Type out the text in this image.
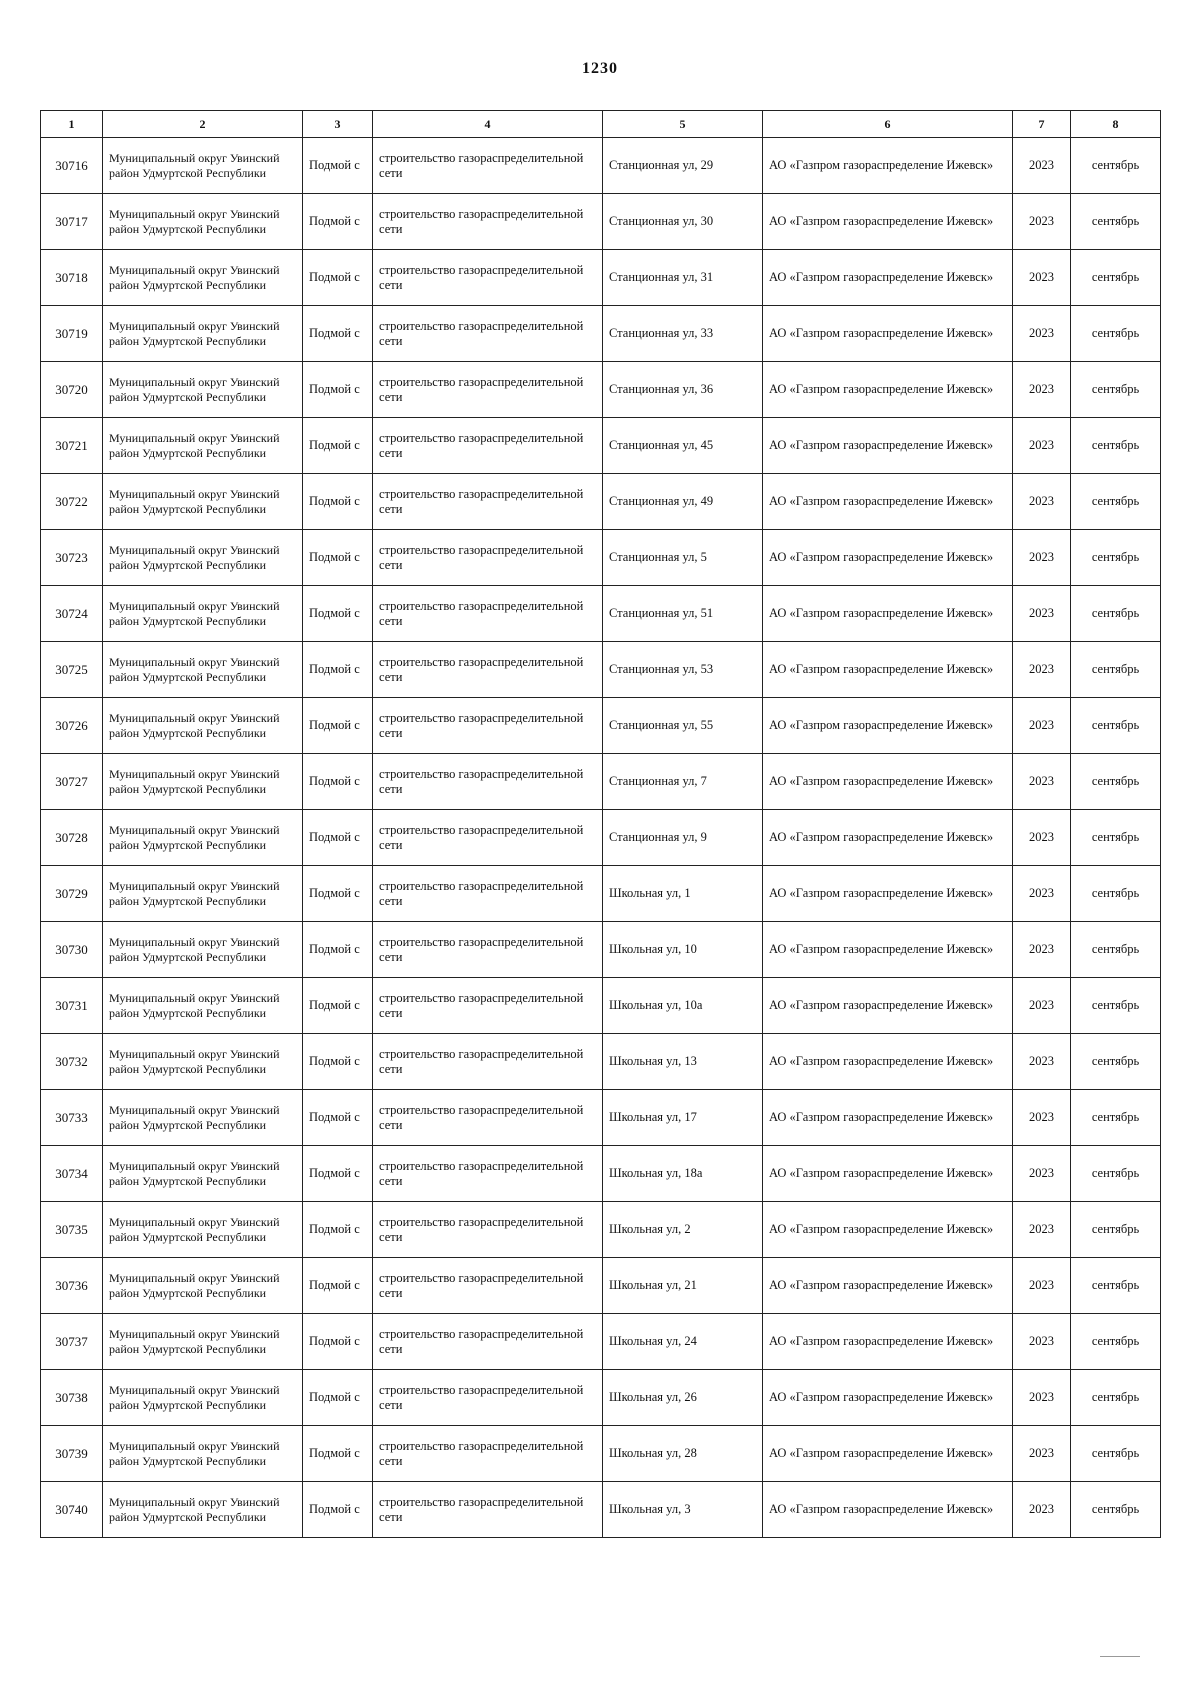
1230
1	2	3	4	5	6	7	8
30716	Муниципальный округ Увинский район Удмуртской Республики	Подмой с	строительство газораспределительной сети	Станционная ул, 29	АО «Газпром газораспределение Ижевск»	2023	сентябрь
30717	Муниципальный округ Увинский район Удмуртской Республики	Подмой с	строительство газораспределительной сети	Станционная ул, 30	АО «Газпром газораспределение Ижевск»	2023	сентябрь
30718	Муниципальный округ Увинский район Удмуртской Республики	Подмой с	строительство газораспределительной сети	Станционная ул, 31	АО «Газпром газораспределение Ижевск»	2023	сентябрь
30719	Муниципальный округ Увинский район Удмуртской Республики	Подмой с	строительство газораспределительной сети	Станционная ул, 33	АО «Газпром газораспределение Ижевск»	2023	сентябрь
30720	Муниципальный округ Увинский район Удмуртской Республики	Подмой с	строительство газораспределительной сети	Станционная ул, 36	АО «Газпром газораспределение Ижевск»	2023	сентябрь
30721	Муниципальный округ Увинский район Удмуртской Республики	Подмой с	строительство газораспределительной сети	Станционная ул, 45	АО «Газпром газораспределение Ижевск»	2023	сентябрь
30722	Муниципальный округ Увинский район Удмуртской Республики	Подмой с	строительство газораспределительной сети	Станционная ул, 49	АО «Газпром газораспределение Ижевск»	2023	сентябрь
30723	Муниципальный округ Увинский район Удмуртской Республики	Подмой с	строительство газораспределительной сети	Станционная ул, 5	АО «Газпром газораспределение Ижевск»	2023	сентябрь
30724	Муниципальный округ Увинский район Удмуртской Республики	Подмой с	строительство газораспределительной сети	Станционная ул, 51	АО «Газпром газораспределение Ижевск»	2023	сентябрь
30725	Муниципальный округ Увинский район Удмуртской Республики	Подмой с	строительство газораспределительной сети	Станционная ул, 53	АО «Газпром газораспределение Ижевск»	2023	сентябрь
30726	Муниципальный округ Увинский район Удмуртской Республики	Подмой с	строительство газораспределительной сети	Станционная ул, 55	АО «Газпром газораспределение Ижевск»	2023	сентябрь
30727	Муниципальный округ Увинский район Удмуртской Республики	Подмой с	строительство газораспределительной сети	Станционная ул, 7	АО «Газпром газораспределение Ижевск»	2023	сентябрь
30728	Муниципальный округ Увинский район Удмуртской Республики	Подмой с	строительство газораспределительной сети	Станционная ул, 9	АО «Газпром газораспределение Ижевск»	2023	сентябрь
30729	Муниципальный округ Увинский район Удмуртской Республики	Подмой с	строительство газораспределительной сети	Школьная ул, 1	АО «Газпром газораспределение Ижевск»	2023	сентябрь
30730	Муниципальный округ Увинский район Удмуртской Республики	Подмой с	строительство газораспределительной сети	Школьная ул, 10	АО «Газпром газораспределение Ижевск»	2023	сентябрь
30731	Муниципальный округ Увинский район Удмуртской Республики	Подмой с	строительство газораспределительной сети	Школьная ул, 10а	АО «Газпром газораспределение Ижевск»	2023	сентябрь
30732	Муниципальный округ Увинский район Удмуртской Республики	Подмой с	строительство газораспределительной сети	Школьная ул, 13	АО «Газпром газораспределение Ижевск»	2023	сентябрь
30733	Муниципальный округ Увинский район Удмуртской Республики	Подмой с	строительство газораспределительной сети	Школьная ул, 17	АО «Газпром газораспределение Ижевск»	2023	сентябрь
30734	Муниципальный округ Увинский район Удмуртской Республики	Подмой с	строительство газораспределительной сети	Школьная ул, 18а	АО «Газпром газораспределение Ижевск»	2023	сентябрь
30735	Муниципальный округ Увинский район Удмуртской Республики	Подмой с	строительство газораспределительной сети	Школьная ул, 2	АО «Газпром газораспределение Ижевск»	2023	сентябрь
30736	Муниципальный округ Увинский район Удмуртской Республики	Подмой с	строительство газораспределительной сети	Школьная ул, 21	АО «Газпром газораспределение Ижевск»	2023	сентябрь
30737	Муниципальный округ Увинский район Удмуртской Республики	Подмой с	строительство газораспределительной сети	Школьная ул, 24	АО «Газпром газораспределение Ижевск»	2023	сентябрь
30738	Муниципальный округ Увинский район Удмуртской Республики	Подмой с	строительство газораспределительной сети	Школьная ул, 26	АО «Газпром газораспределение Ижевск»	2023	сентябрь
30739	Муниципальный округ Увинский район Удмуртской Республики	Подмой с	строительство газораспределительной сети	Школьная ул, 28	АО «Газпром газораспределение Ижевск»	2023	сентябрь
30740	Муниципальный округ Увинский район Удмуртской Республики	Подмой с	строительство газораспределительной сети	Школьная ул, 3	АО «Газпром газораспределение Ижевск»	2023	сентябрь
